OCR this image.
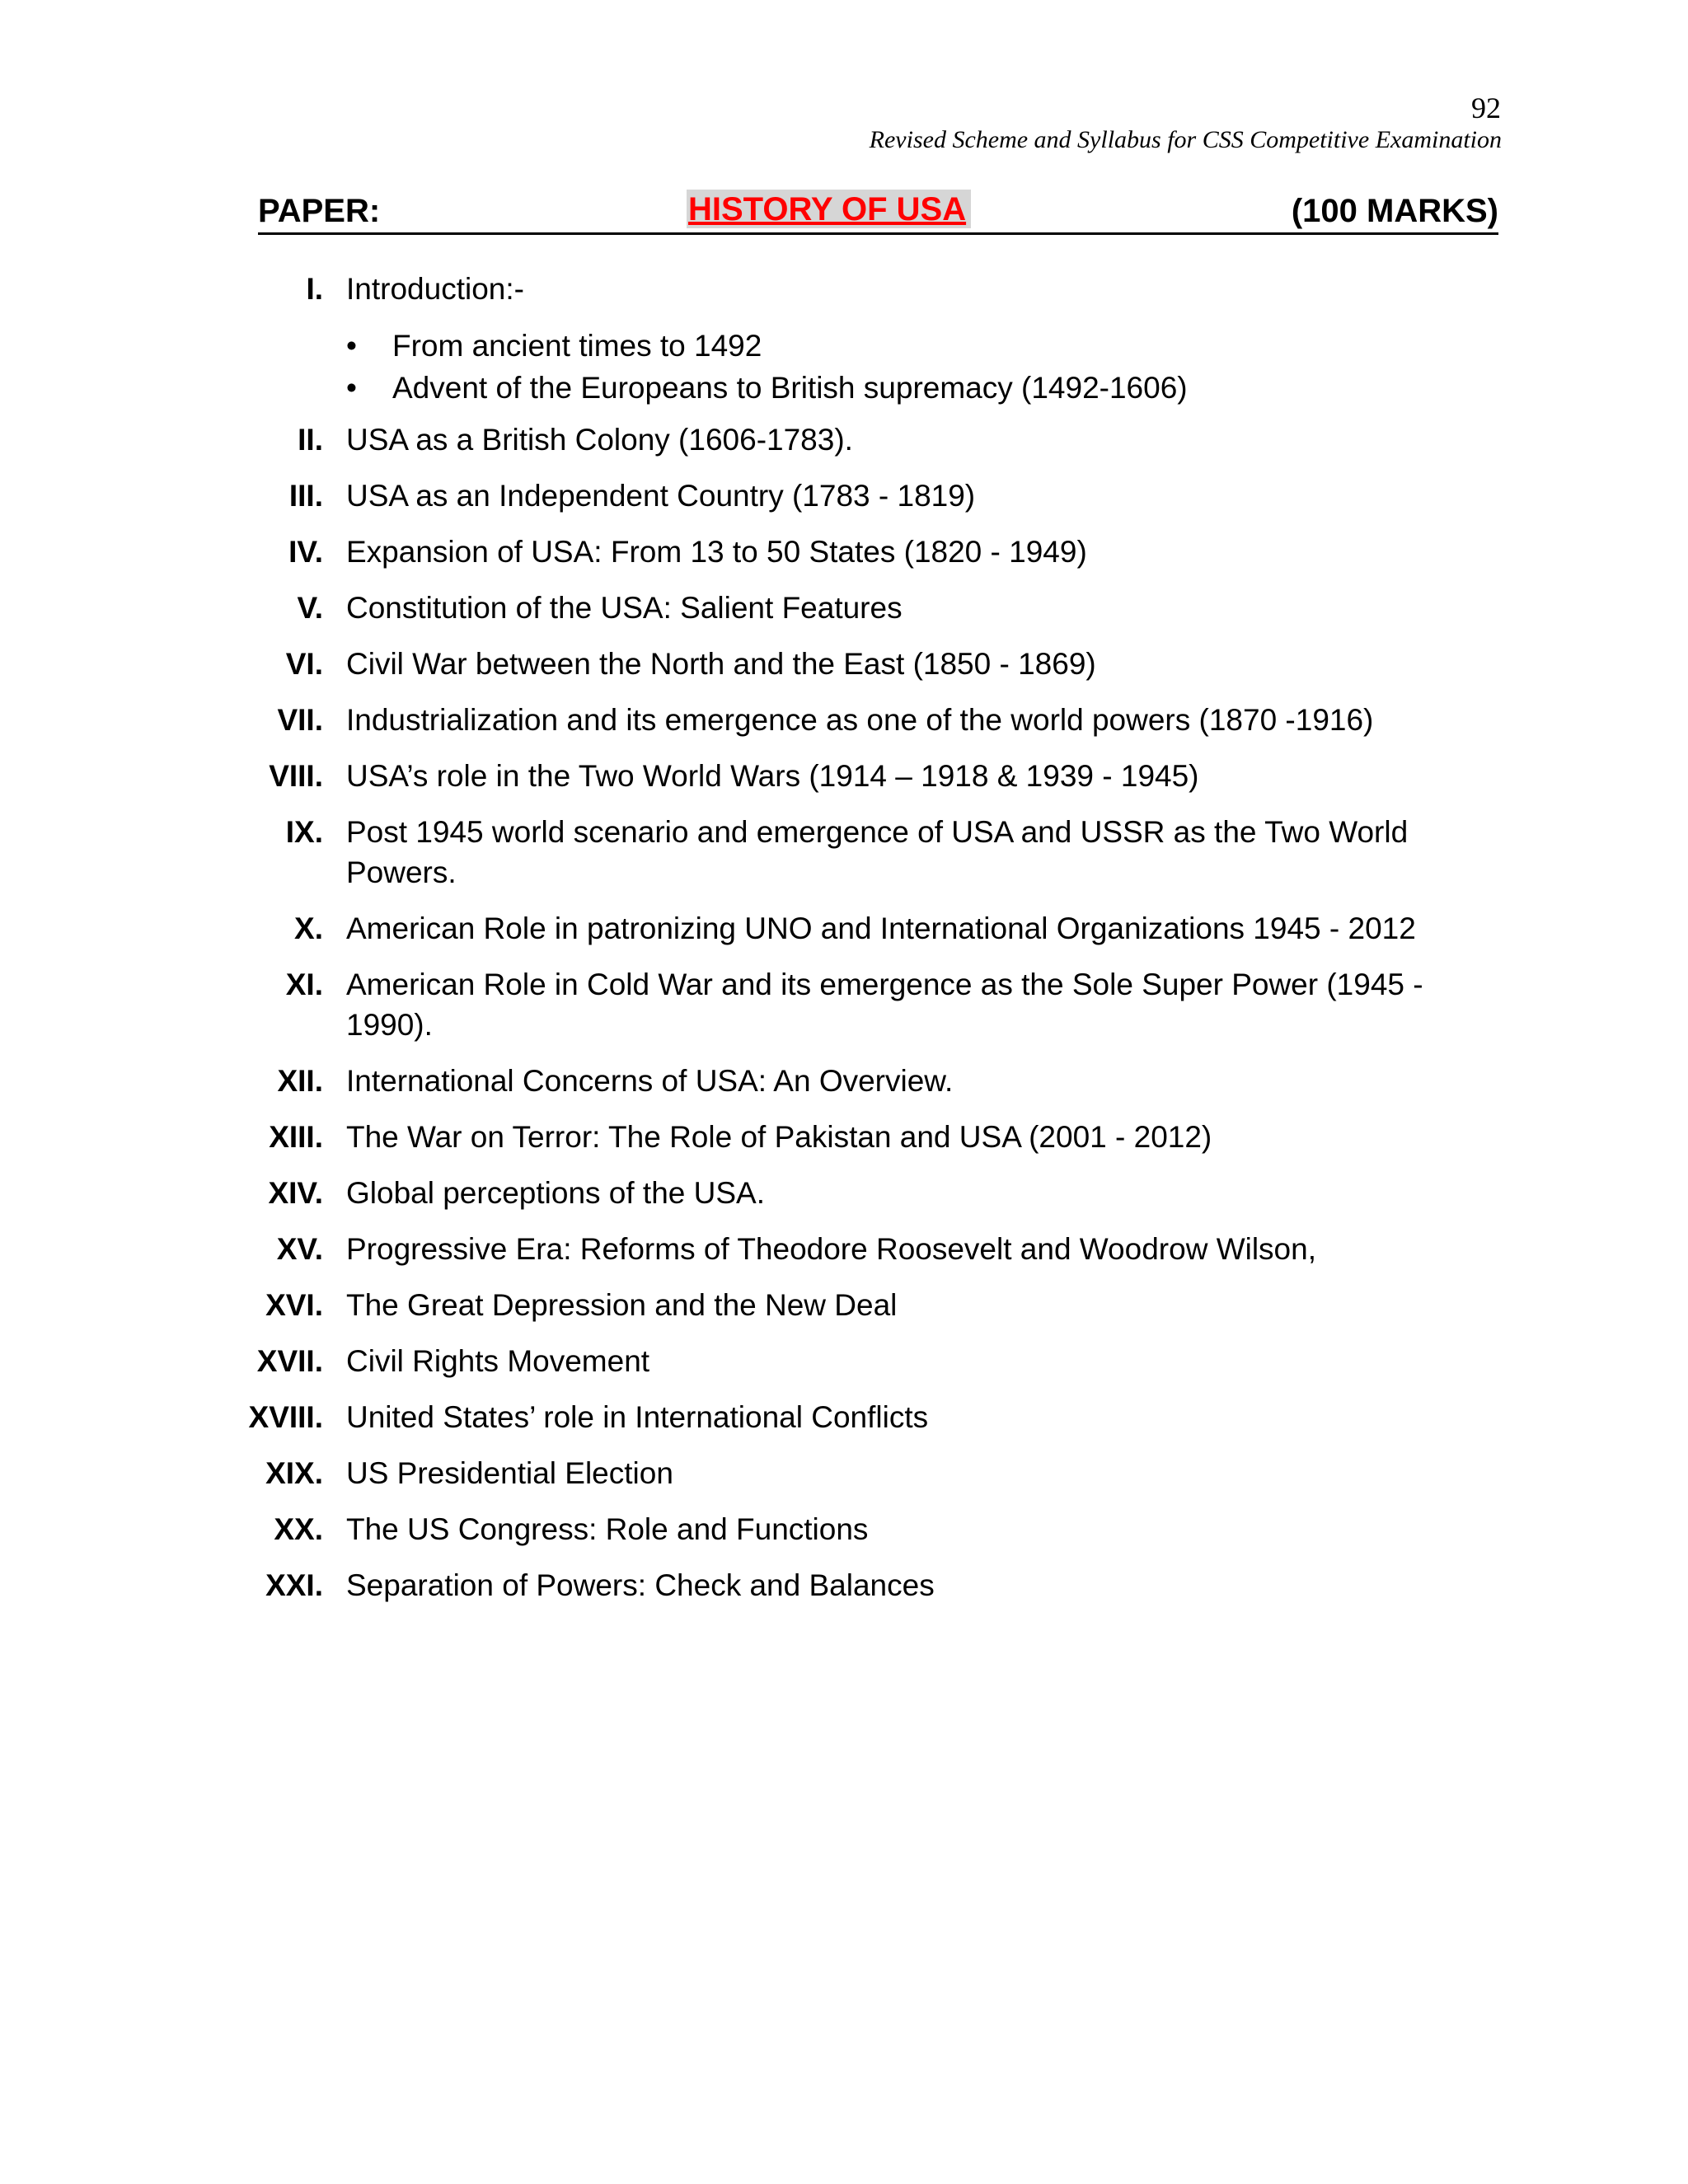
92
Revised Scheme and Syllabus for CSS Competitive Examination
PAPER:	HISTORY OF USA	(100 MARKS)
I. Introduction:-
• From ancient times to 1492
• Advent of the Europeans to British supremacy (1492-1606)
II. USA as a British Colony (1606-1783).
III. USA as an Independent Country (1783 - 1819)
IV. Expansion of USA: From 13 to 50 States (1820 - 1949)
V. Constitution of the USA: Salient Features
VI. Civil War between the North and the East (1850 - 1869)
VII. Industrialization and its emergence as one of the world powers (1870 -1916)
VIII. USA’s role in the Two World Wars (1914 – 1918 & 1939 - 1945)
IX. Post 1945 world scenario and emergence of USA and USSR as the Two World Powers.
X. American Role in patronizing UNO and International Organizations 1945 - 2012
XI. American Role in Cold War and its emergence as the Sole Super Power (1945 - 1990).
XII. International Concerns of USA: An Overview.
XIII. The War on Terror: The Role of Pakistan and USA (2001 - 2012)
XIV. Global perceptions of the USA.
XV. Progressive Era: Reforms of Theodore Roosevelt and Woodrow Wilson,
XVI. The Great Depression and the New Deal
XVII. Civil Rights Movement
XVIII. United States’ role in International Conflicts
XIX. US Presidential Election
XX. The US Congress: Role and Functions
XXI. Separation of Powers: Check and Balances
